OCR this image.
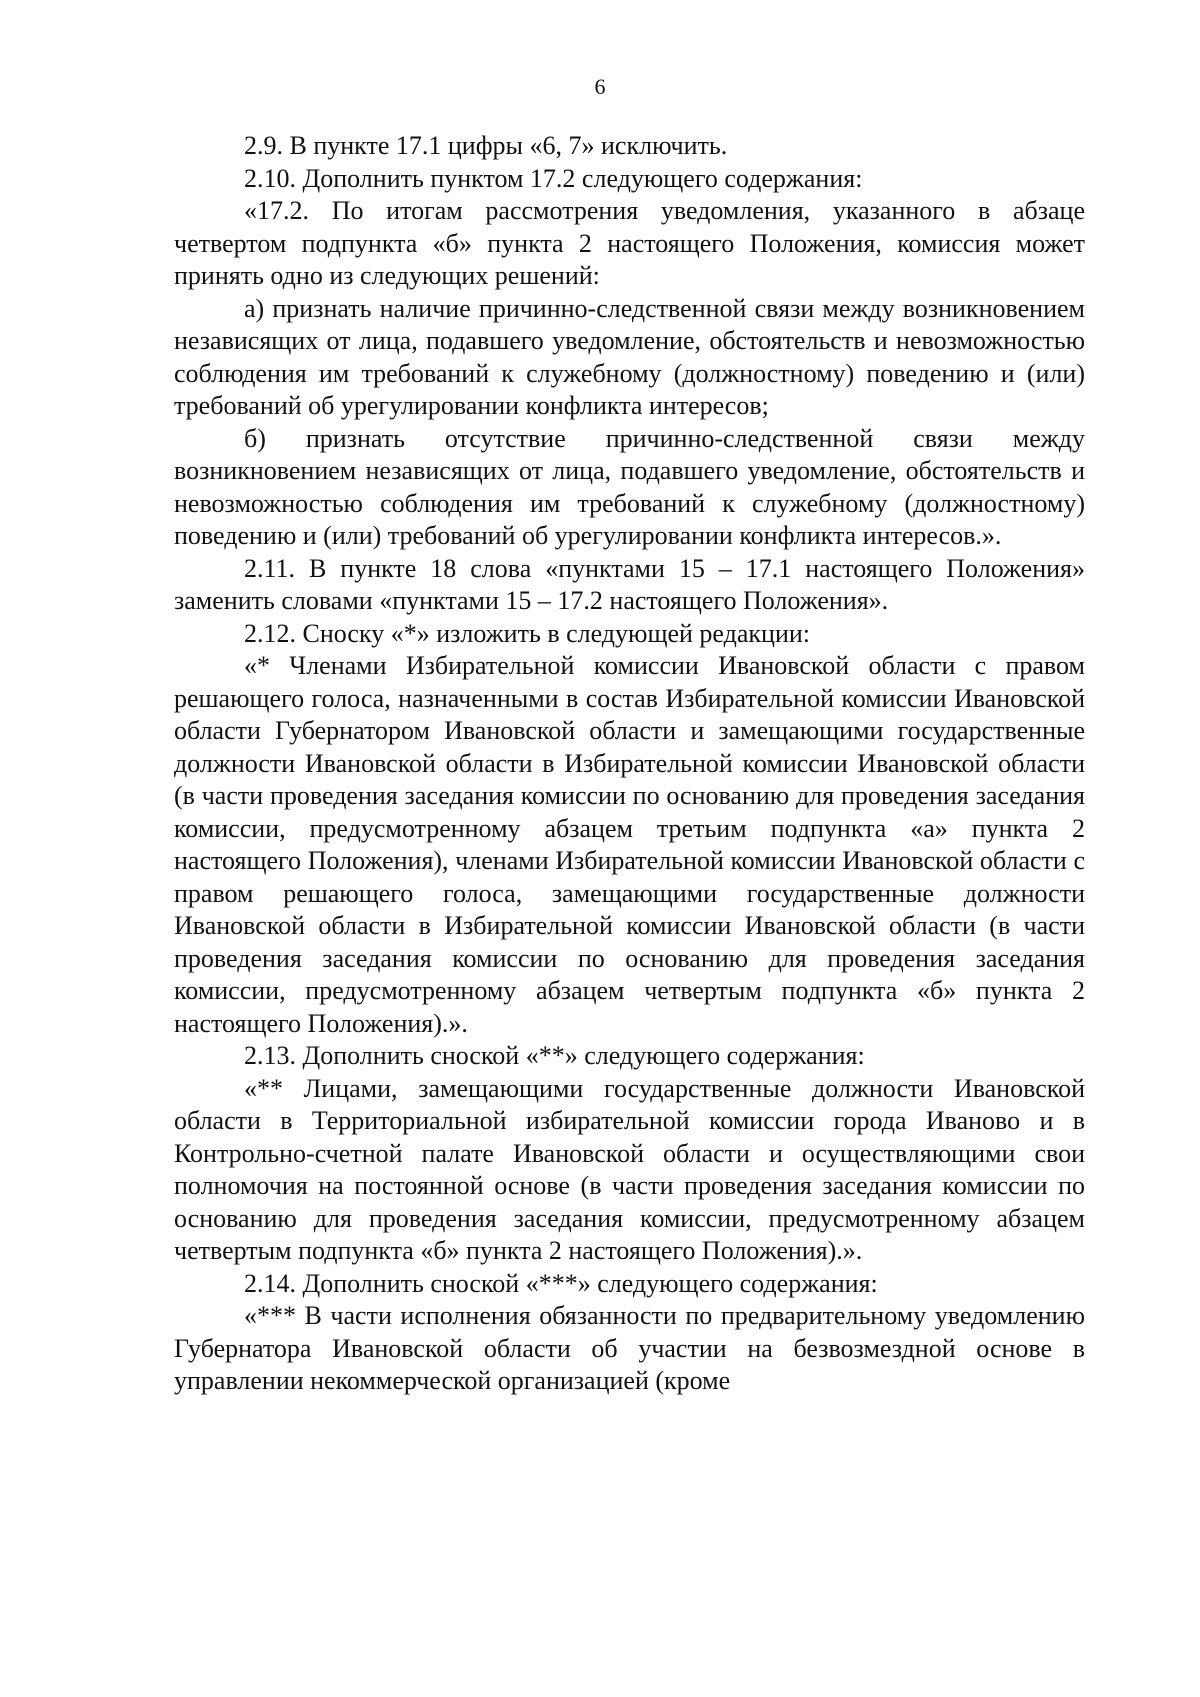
6

2.9. В пункте 17.1 цифры «6, 7» исключить.

2.10. Дополнить пунктом 17.2 следующего содержания:

«17.2. По итогам рассмотрения уведомления, указанного в абзаце четвертом подпункта «б» пункта 2 настоящего Положения, комиссия может принять одно из следующих решений:

а) признать наличие причинно-следственной связи между возникновением независящих от лица, подавшего уведомление, обстоятельств и невозможностью соблюдения им требований к служебному (должностному) поведению и (или) требований об урегулировании конфликта интересов;

б) признать отсутствие причинно-следственной связи между возникновением независящих от лица, подавшего уведомление, обстоятельств и невозможностью соблюдения им требований к служебному (должностному) поведению и (или) требований об урегулировании конфликта интересов.».

2.11. В пункте 18 слова «пунктами 15 – 17.1 настоящего Положения» заменить словами «пунктами 15 – 17.2 настоящего Положения».

2.12. Сноску «*» изложить в следующей редакции:

«* Членами Избирательной комиссии Ивановской области с правом решающего голоса, назначенными в состав Избирательной комиссии Ивановской области Губернатором Ивановской области и замещающими государственные должности Ивановской области в Избирательной комиссии Ивановской области (в части проведения заседания комиссии по основанию для проведения заседания комиссии, предусмотренному абзацем третьим подпункта «а» пункта 2 настоящего Положения), членами Избирательной комиссии Ивановской области с правом решающего голоса, замещающими государственные должности Ивановской области в Избирательной комиссии Ивановской области (в части проведения заседания комиссии по основанию для проведения заседания комиссии, предусмотренному абзацем четвертым подпункта «б» пункта 2 настоящего Положения).».

2.13. Дополнить сноской «**» следующего содержания:

«** Лицами, замещающими государственные должности Ивановской области в Территориальной избирательной комиссии города Иваново и в Контрольно-счетной палате Ивановской области и осуществляющими свои полномочия на постоянной основе (в части проведения заседания комиссии по основанию для проведения заседания комиссии, предусмотренному абзацем четвертым подпункта «б» пункта 2 настоящего Положения).».

2.14. Дополнить сноской «***» следующего содержания:

«*** В части исполнения обязанности по предварительному уведомлению Губернатора Ивановской области об участии на безвозмездной основе в управлении некоммерческой организацией (кроме
